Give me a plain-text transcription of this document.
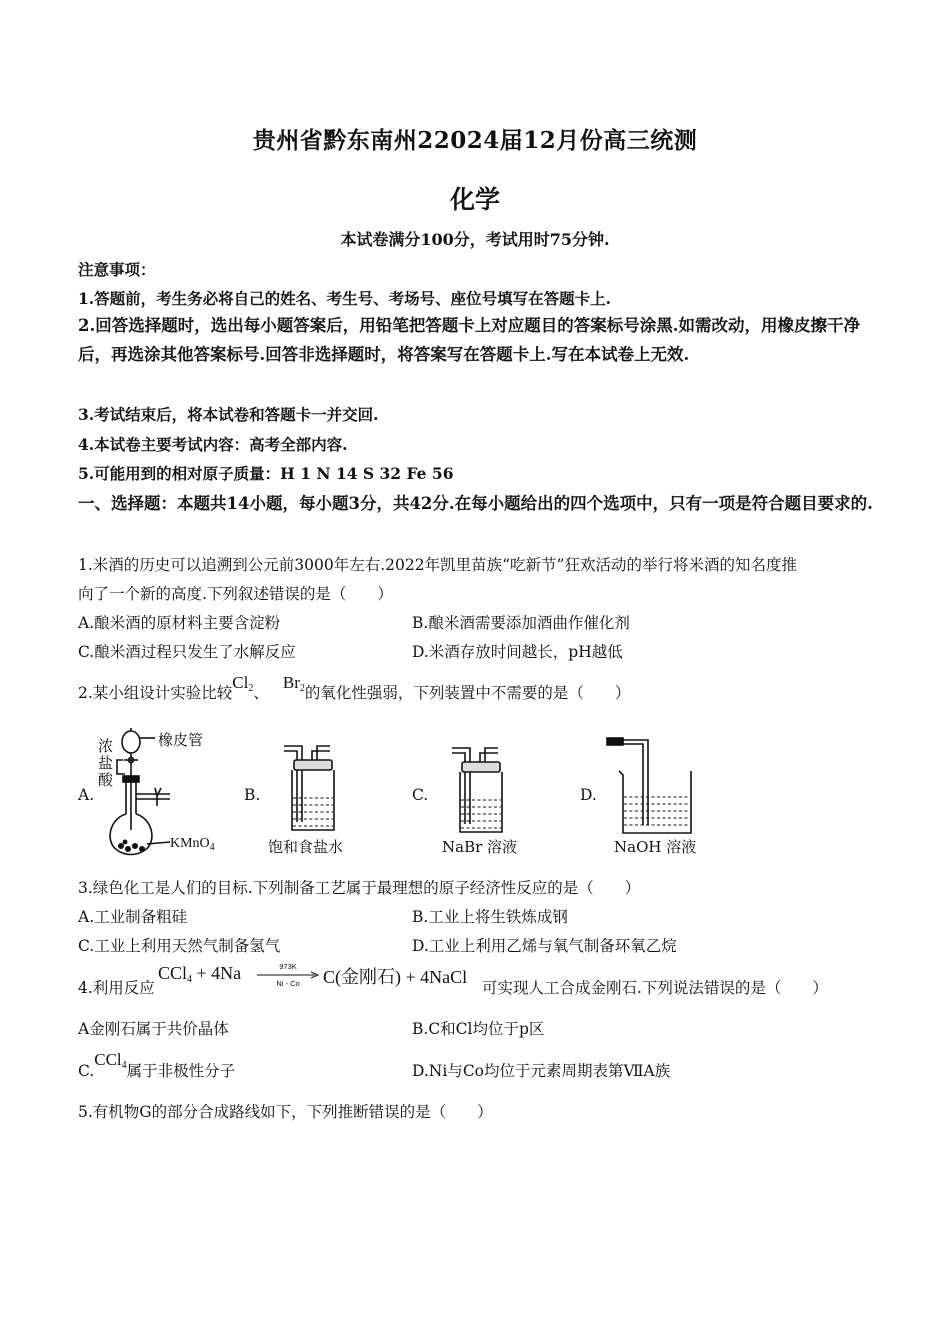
贵州省黔东南州22024届12月份高三统测
化学
本试卷满分100分，考试用时75分钟.
注意事项：
1.答题前，考生务必将自己的姓名、考生号、考场号、座位号填写在答题卡上.
2.回答选择题时，选出每小题答案后，用铅笔把答题卡上对应题目的答案标号涂黑.如需改动，用橡皮擦干净后，再选涂其他答案标号.回答非选择题时，将答案写在答题卡上.写在本试卷上无效.
3.考试结束后，将本试卷和答题卡一并交回.
4.本试卷主要考试内容：高考全部内容.
5.可能用到的相对原子质量：H 1 N 14 S 32 Fe 56
一、选择题：本题共14小题，每小题3分，共42分.在每小题给出的四个选项中，只有一项是符合题目要求的.
1.米酒的历史可以追溯到公元前3000年左右.2022年凯里苗族“吃新节”狂欢活动的举行将米酒的知名度推
向了一个新的高度.下列叙述错误的是（　　）
A.酿米酒的原材料主要含淀粉	B.酿米酒需要添加酒曲作催化剂
C.酿米酒过程只发生了水解反应	D.米酒存放时间越长，pH越低
2.某小组设计实验比较$Cl_2$、$Br_2$的氧化性强弱，下列装置中不需要的是（　　）
A.	B.	C.	D.
橡皮管
浓
盐
酸
KMnO$_4$	饱和食盐水	NaBr 溶液	NaOH 溶液
3.绿色化工是人们的目标.下列制备工艺属于最理想的原子经济性反应的是（　　）
A.工业制备粗硅	B.工业上将生铁炼成钢
C.工业上利用天然气制备氢气	D.工业上利用乙烯与氧气制备环氧乙烷
4.利用反应
CCl$_4$ + 4Na	973K
Ni - Co	C(金刚石) + 4NaCl
可实现人工合成金刚石.下列说法错误的是（　　）
A金刚石属于共价晶体	B.C和Cl均位于p区
C.CCl$_4$属于非极性分子	D.Ni与Co均位于元素周期表第ⅦA族
5.有机物G的部分合成路线如下，下列推断错误的是（　　）
